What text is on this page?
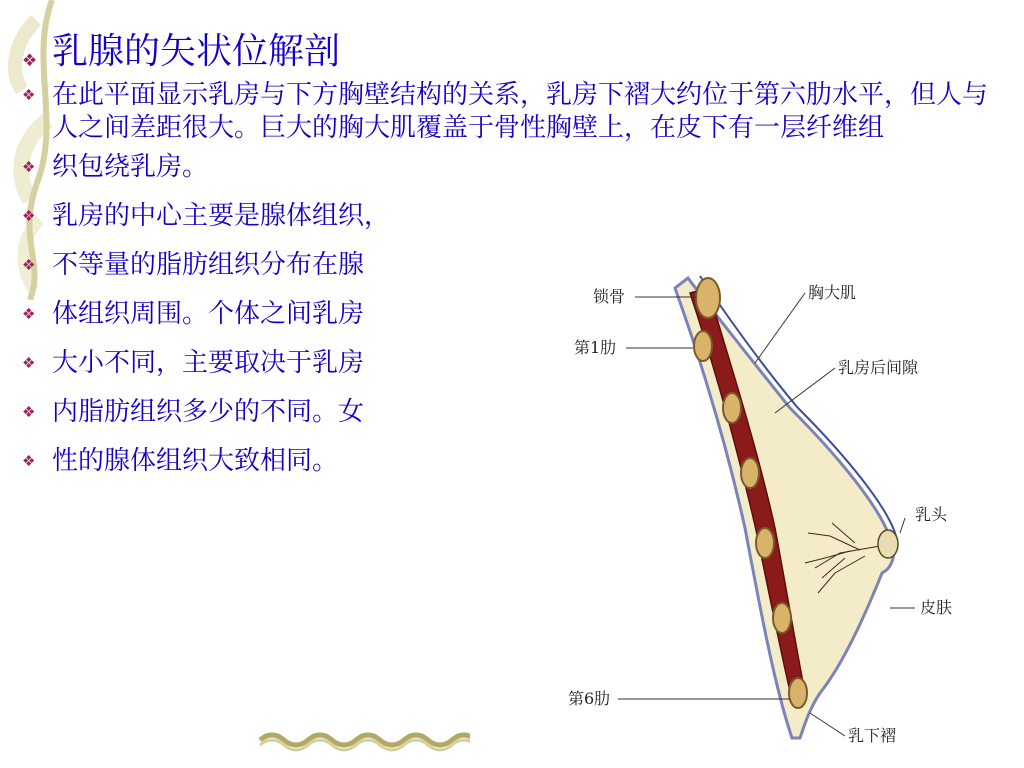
❖ 乳腺的矢状位解剖
❖ 在此平面显示乳房与下方胸壁结构的关系，乳房下褶大约位于第六肋水平，但人与人之间差距很大。巨大的胸大肌覆盖于骨性胸壁上，在皮下有一层纤维组
❖ 织包绕乳房。
❖ 乳房的中心主要是腺体组织，
❖ 不等量的脂肪组织分布在腺
❖ 体组织周围。个体之间乳房
❖ 大小不同，主要取决于乳房
❖ 内脂肪组织多少的不同。女
❖ 性的腺体组织大致相同。
锁骨
第1肋
第6肋
胸大肌
乳房后间隙
乳头
皮肤
乳下褶
